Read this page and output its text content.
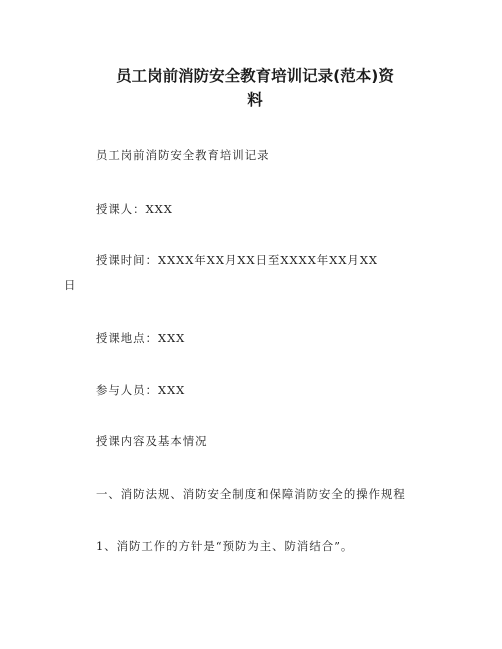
员工岗前消防安全教育培训记录(范本)资
料
员工岗前消防安全教育培训记录
授课人：XXX
授课时间：XXXX年XX月XX日至XXXX年XX月XX
日
授课地点：XXX
参与人员：XXX
授课内容及基本情况
一、消防法规、消防安全制度和保障消防安全的操作规程
1、消防工作的方针是“预防为主、防消结合”。
